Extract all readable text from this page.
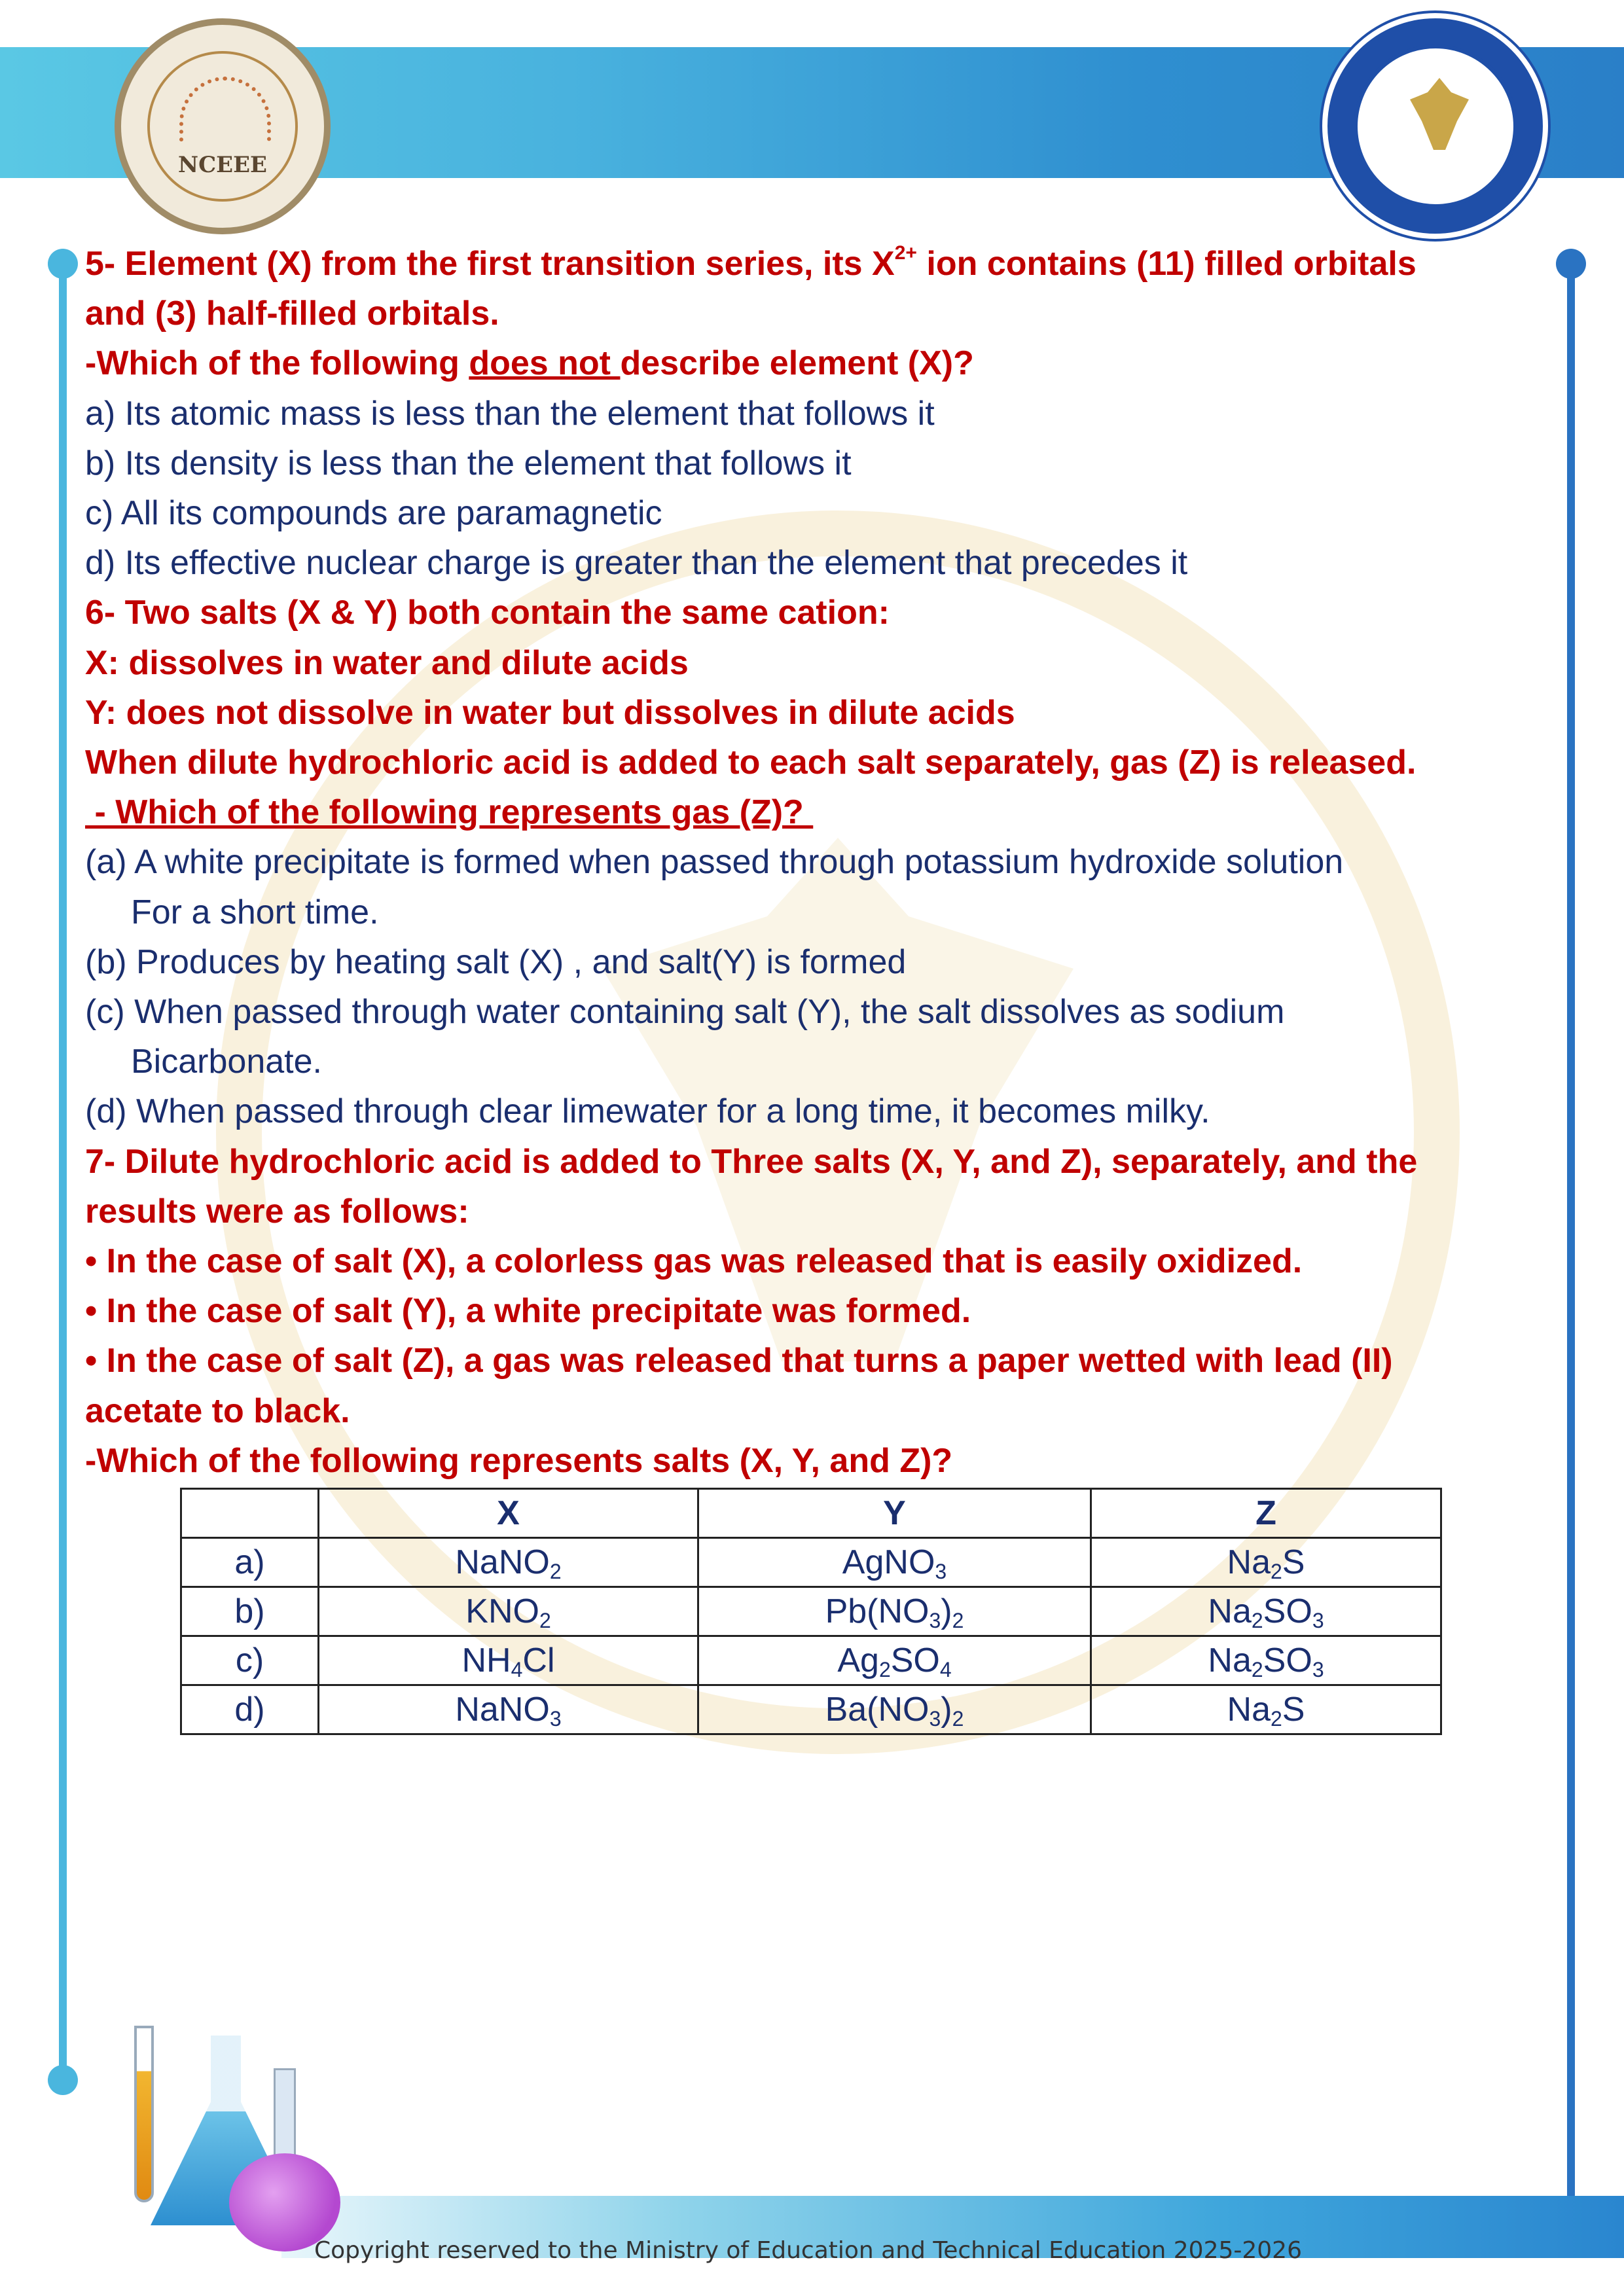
NCEEE

5- Element (X) from the first transition series, its $X^{2+}$ ion contains (11) filled orbitals

and (3) half-filled orbitals.

-Which of the following does not describe element (X)?

a) Its atomic mass is less than the element that follows it

b) Its density is less than the element that follows it

c) All its compounds are paramagnetic

d) Its effective nuclear charge is greater than the element that precedes it

6- Two salts (X & Y) both contain the same cation:

X: dissolves in water and dilute acids

Y: does not dissolve in water but dissolves in dilute acids

When dilute hydrochloric acid is added to each salt separately, gas (Z) is released.

- Which of the following represents gas (Z)?

(a) A white precipitate is formed when passed through potassium hydroxide solution

For a short time.

(b) Produces by heating salt (X) , and salt(Y) is formed

(c) When passed through water containing salt (Y), the salt dissolves as sodium

Bicarbonate.

(d) When passed through clear limewater for a long time, it becomes milky.

7- Dilute hydrochloric acid is added to Three salts (X, Y, and Z), separately, and the

results were as follows:

• In the case of salt (X), a colorless gas was released that is easily oxidized.

• In the case of salt (Y), a white precipitate was formed.

• In the case of salt (Z), a gas was released that turns a paper wetted with lead (II)

acetate to black.

-Which of the following represents salts (X, Y, and Z)?

	X	Y	Z
a)	NaNO$_2$	AgNO$_3$	$Na_2S$
b)	$KNO_2$	$Pb(NO_3)_2$	$Na_2SO_3$
c)	$NH_4Cl$	$Ag_2SO_4$	$Na_2SO_3$
d)	NaNO$_3$	$Ba(NO_3)_2$	$Na_2S$
Copyright reserved to the Ministry of Education and Technical Education 2025-2026
